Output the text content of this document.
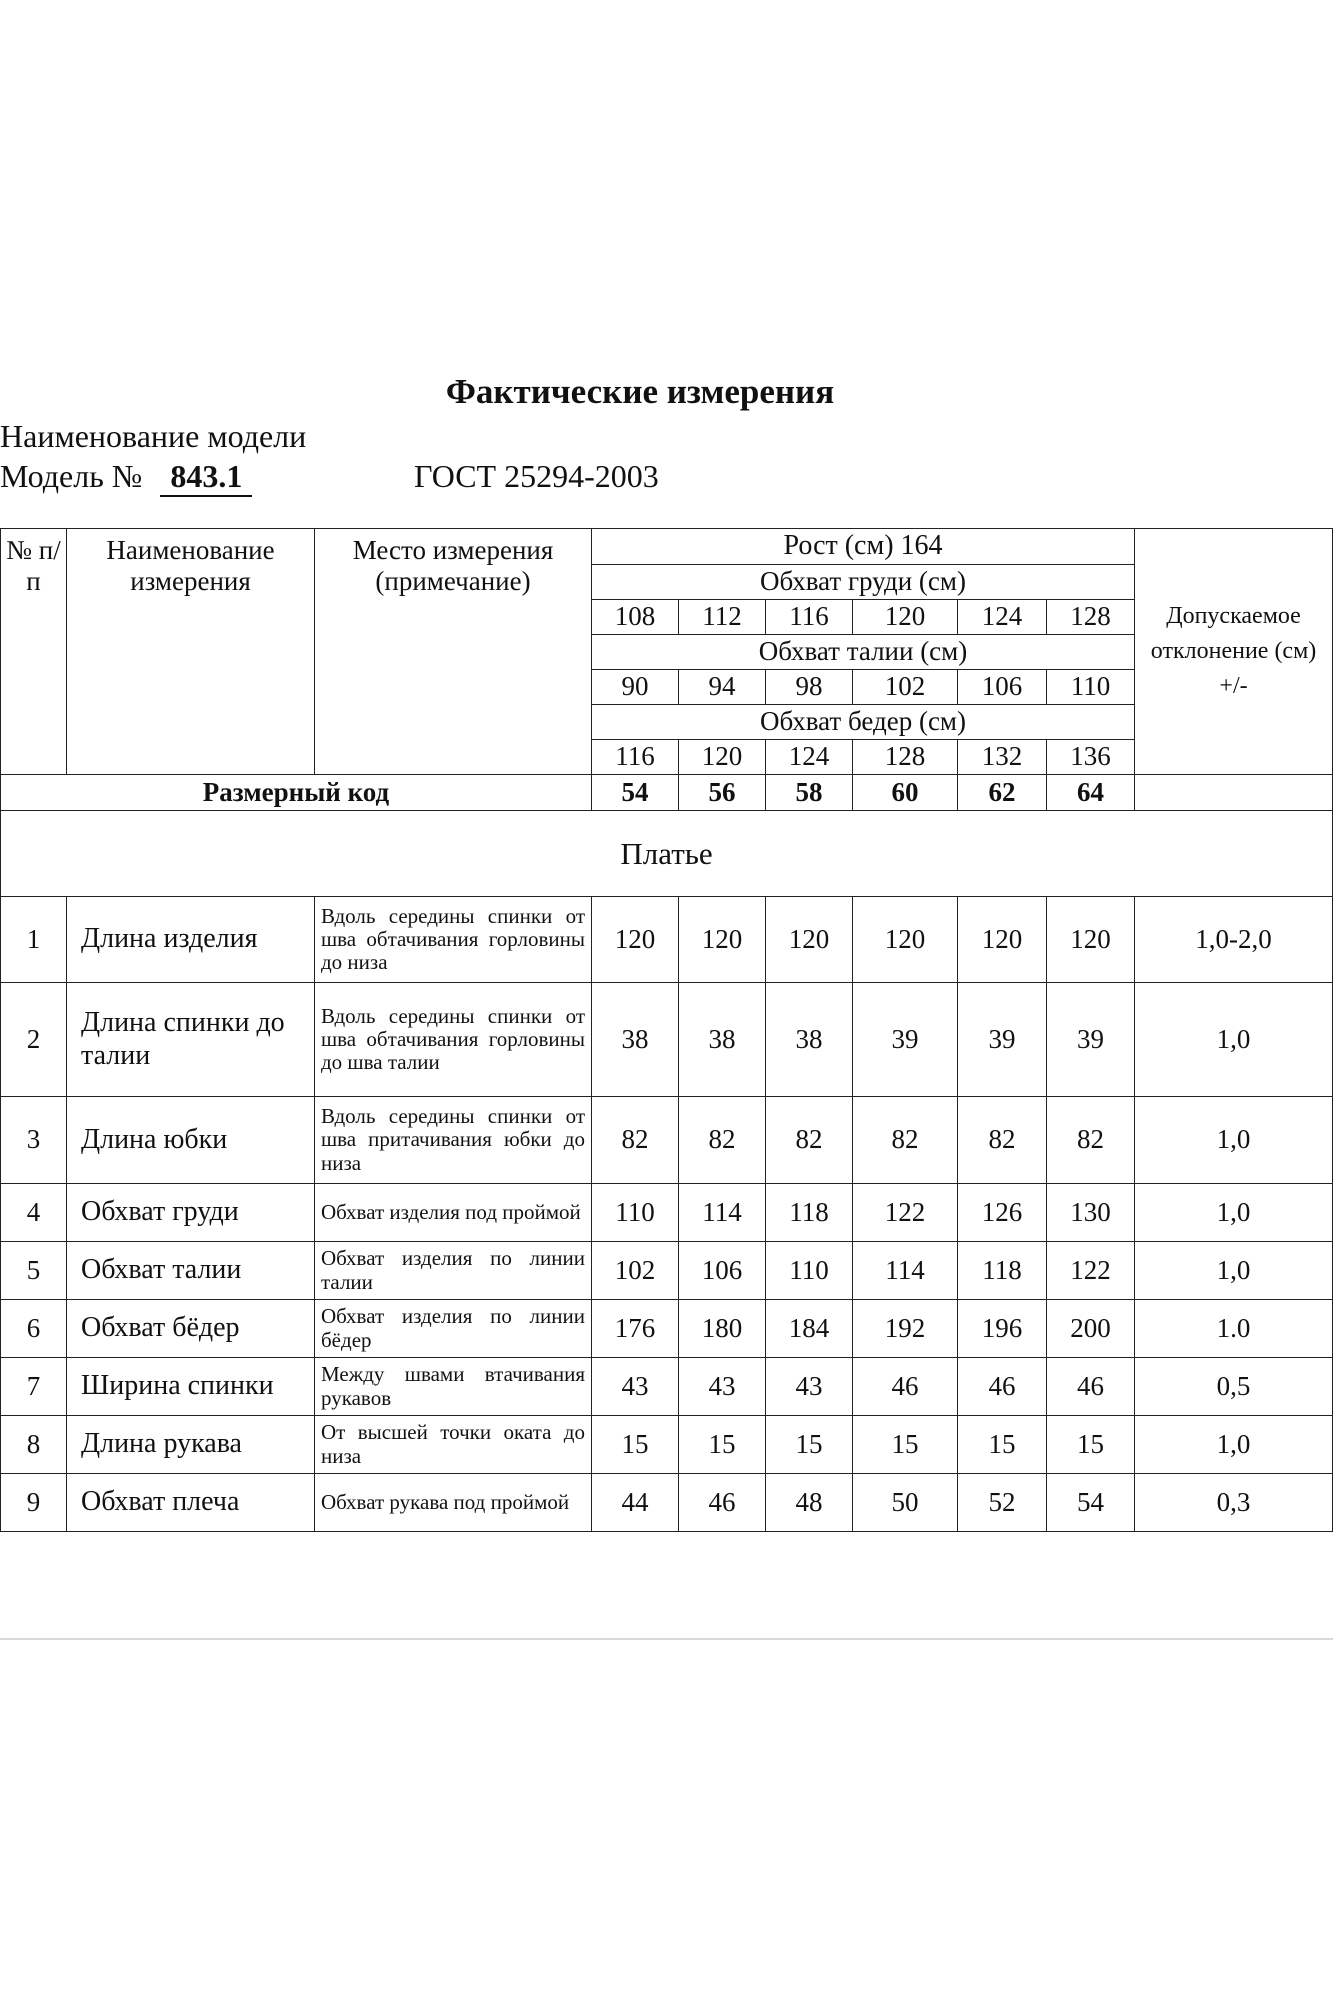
Фактические измерения
Наименование модели
Модель № 843.1	ГОСТ 25294-2003
№ п/п	Наименование измерения	Место измерения (примечание)	Рост (см) 164						Допускаемое отклонение (см) +/-
			Обхват груди (см)						
			108	112	116	120	124	128	
			Обхват талии (см)						
			90	94	98	102	106	110	
			Обхват бедер (см)						
			116	120	124	128	132	136	
Размерный код			54	56	58	60	62	64	
Платье									
1	Длина изделия	Вдоль середины спинки от шва обтачивания горловины до низа	120	120	120	120	120	120	1,0-2,0
2	Длина спинки до талии	Вдоль середины спинки от шва обтачивания горловины до шва талии	38	38	38	39	39	39	1,0
3	Длина юбки	Вдоль середины спинки от шва притачивания юбки до низа	82	82	82	82	82	82	1,0
4	Обхват груди	Обхват изделия под проймой	110	114	118	122	126	130	1,0
5	Обхват талии	Обхват изделия по линии талии	102	106	110	114	118	122	1,0
6	Обхват бёдер	Обхват изделия по линии бёдер	176	180	184	192	196	200	1.0
7	Ширина спинки	Между швами втачивания рукавов	43	43	43	46	46	46	0,5
8	Длина рукава	От высшей точки оката до низа	15	15	15	15	15	15	1,0
9	Обхват плеча	Обхват рукава под проймой	44	46	48	50	52	54	0,3
